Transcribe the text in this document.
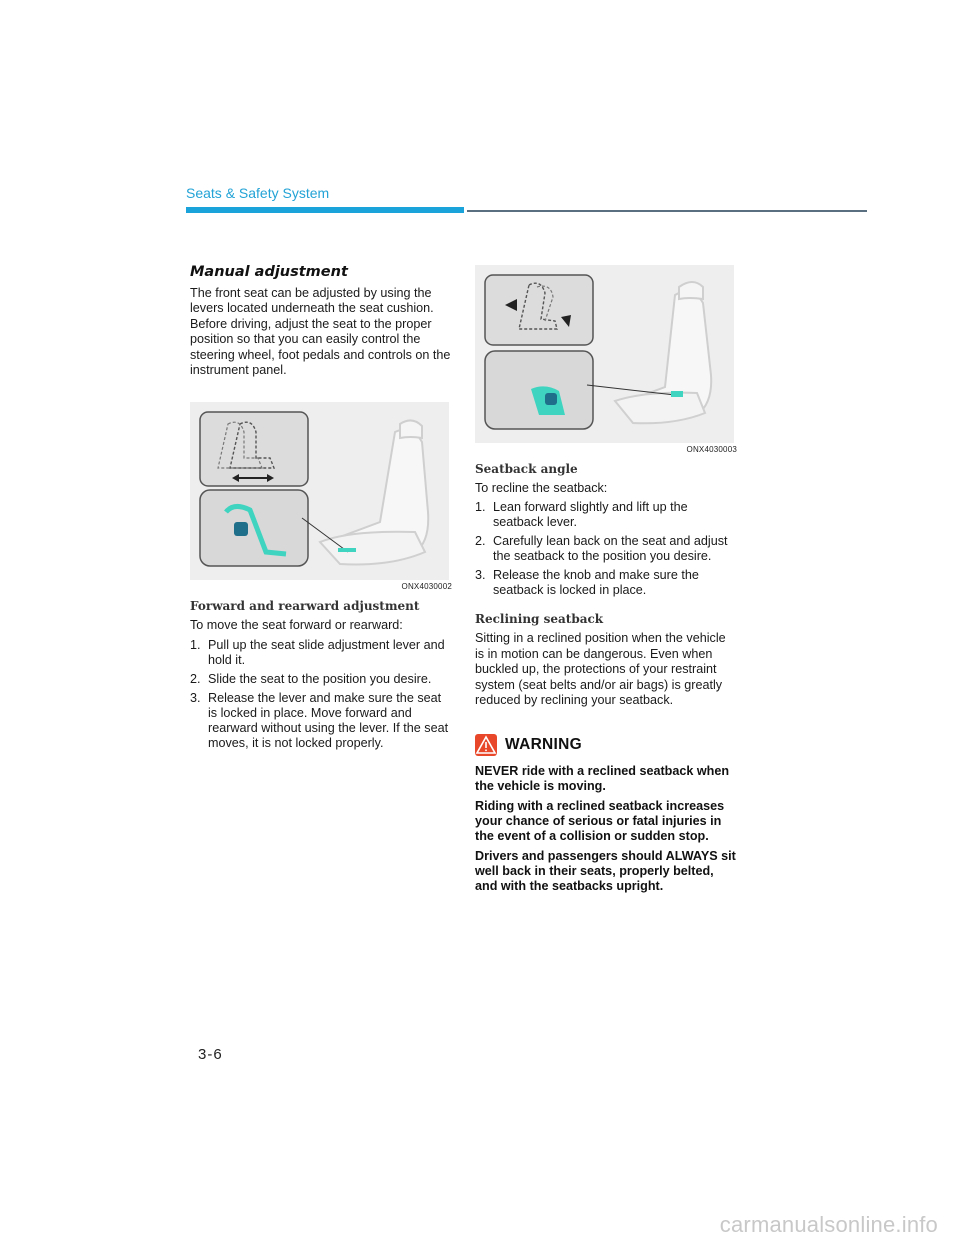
Seats & Safety System
Manual adjustment

The front seat can be adjusted by using the levers located underneath the seat cushion. Before driving, adjust the seat to the proper position so that you can easily control the steering wheel, foot pedals and controls on the instrument panel.

ONX4030002
Forward and rearward adjustment

To move the seat forward or rearward:

1. Pull up the seat slide adjustment lever and hold it.
2. Slide the seat to the position you desire.
3. Release the lever and make sure the seat is locked in place. Move forward and rearward without using the lever. If the seat moves, it is not locked properly.
ONX4030003
Seatback angle

To recline the seatback:

1. Lean forward slightly and lift up the seatback lever.
2. Carefully lean back on the seat and adjust the seatback to the position you desire.
3. Release the knob and make sure the seatback is locked in place.
Reclining seatback

Sitting in a reclined position when the vehicle is in motion can be dangerous. Even when buckled up, the protections of your restraint system (seat belts and/or air bags) is greatly reduced by reclining your seatback.

WARNING

NEVER ride with a reclined seatback when the vehicle is moving.

Riding with a reclined seatback increases your chance of serious or fatal injuries in the event of a collision or sudden stop.

Drivers and passengers should ALWAYS sit well back in their seats, properly belted, and with the seatbacks upright.

3-6
carmanualsonline.info
